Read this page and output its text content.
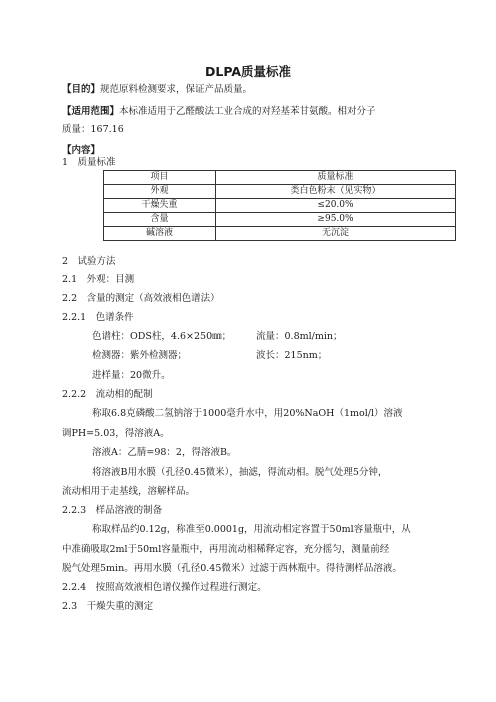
DLPA质量标准
【目的】规范原料检测要求，保证产品质量。
【适用范围】本标准适用于乙醛酸法工业合成的对羟基苯甘氨酸。相对分子
质量：167.16
【内容】
1　质量标准
项目	质量标准
外观	类白色粉末（见实物）
干燥失重	≤20.0%
含量	≥95.0%
碱溶液	无沉淀
2　试验方法
2.1　外观：目测
2.2　含量的测定（高效液相色谱法）
2.2.1　色谱条件
色谱柱：ODS柱，4.6×250㎜；	流量：0.8ml/min；
检测器：紫外检测器；	波长：215nm；
进样量：20微升。
2.2.2　流动相的配制
称取6.8克磷酸二氢钠溶于1000毫升水中，用20%NaOH（1mol/l）溶液
调PH=5.03，得溶液A。
溶液A：乙腈=98：2，得溶液B。
将溶液B用水膜（孔径0.45微米），抽滤，得流动相。脱气处理5分钟，
流动相用于走基线，溶解样品。
2.2.3　样品溶液的制备
称取样品约0.12g，称准至0.0001g，用流动相定容置于50ml容量瓶中，从
中准确吸取2ml于50ml容量瓶中，再用流动相稀释定容，充分摇匀，测量前经
脱气处理5min。再用水膜（孔径0.45微米）过滤于西林瓶中。得待测样品溶液。
2.2.4　按照高效液相色谱仪操作过程进行测定。
2.3　干燥失重的测定
